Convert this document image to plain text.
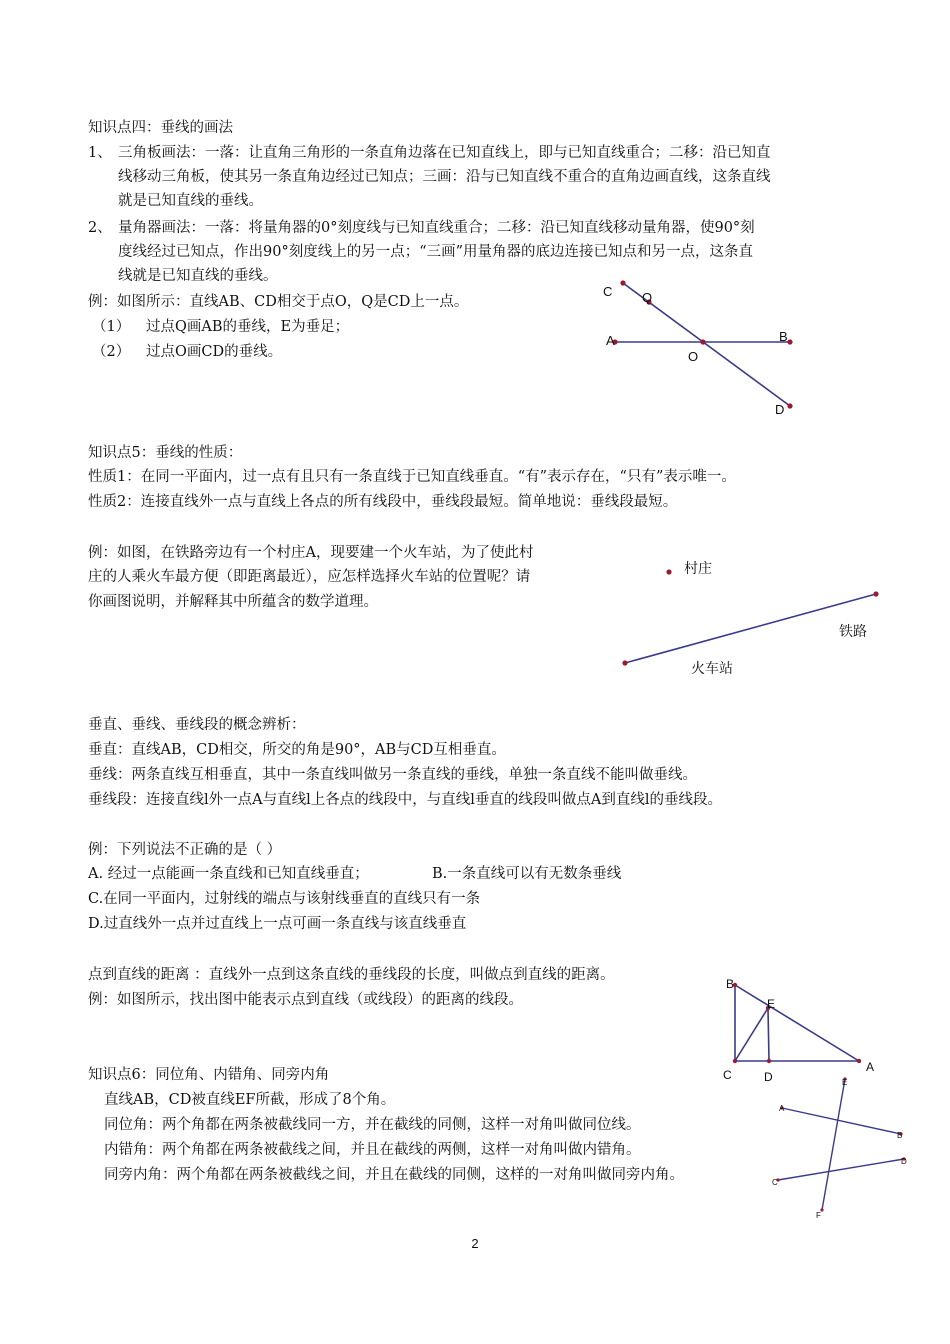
知识点四：垂线的画法
1、 三角板画法：一落：让直角三角形的一条直角边落在已知直线上，即与已知直线重合；二移：沿已知直
线移动三角板，使其另一条直角边经过已知点；三画：沿与已知直线不重合的直角边画直线，这条直线
就是已知直线的垂线。
2、 量角器画法：一落：将量角器的0°刻度线与已知直线重合；二移：沿已知直线移动量角器，使90°刻
度线经过已知点，作出90°刻度线上的另一点；“三画”用量角器的底边连接已知点和另一点，这条直
线就是已知直线的垂线。
例：如图所示：直线AB、CD相交于点O，Q是CD上一点。
（1） 过点Q画AB的垂线，E为垂足；
（2） 过点O画CD的垂线。
C Q
A	B
O
D
知识点5：垂线的性质：
性质1：在同一平面内，过一点有且只有一条直线于已知直线垂直。“有”表示存在，“只有”表示唯一。
性质2：连接直线外一点与直线上各点的所有线段中，垂线段最短。简单地说：垂线段最短。
例：如图，在铁路旁边有一个村庄A，现要建一个火车站，为了使此村
庄的人乘火车最方便（即距离最近），应怎样选择火车站的位置呢？请
你画图说明，并解释其中所蕴含的数学道理。
村庄
铁路
火车站
垂直、垂线、垂线段的概念辨析：
垂直：直线AB，CD相交，所交的角是90°，AB与CD互相垂直。
垂线：两条直线互相垂直，其中一条直线叫做另一条直线的垂线，单独一条直线不能叫做垂线。
垂线段：连接直线l外一点A与直线l上各点的线段中，与直线l垂直的线段叫做点A到直线l的垂线段。
例：下列说法不正确的是（ ）
A. 经过一点能画一条直线和已知直线垂直；	B.一条直线可以有无数条垂线
C.在同一平面内，过射线的端点与该射线垂直的直线只有一条
D.过直线外一点并过直线上一点可画一条直线与该直线垂直
点到直线的距离 ：直线外一点到这条直线的垂线段的长度，叫做点到直线的距离。
例：如图所示，找出图中能表示点到直线（或线段）的距离的线段。
B
E
C	D
A
知识点6：同位角、内错角、同旁内角
直线AB，CD被直线EF所截，形成了8个角。
同位角：两个角都在两条被截线同一方，并在截线的同侧，这样一对角叫做同位线。
内错角：两个角都在两条被截线之间，并且在截线的两侧，这样一对角叫做内错角。
同旁内角：两个角都在两条被截线之间，并且在截线的同侧，这样的一对角叫做同旁内角。
E
A
B
D
C
F
2
